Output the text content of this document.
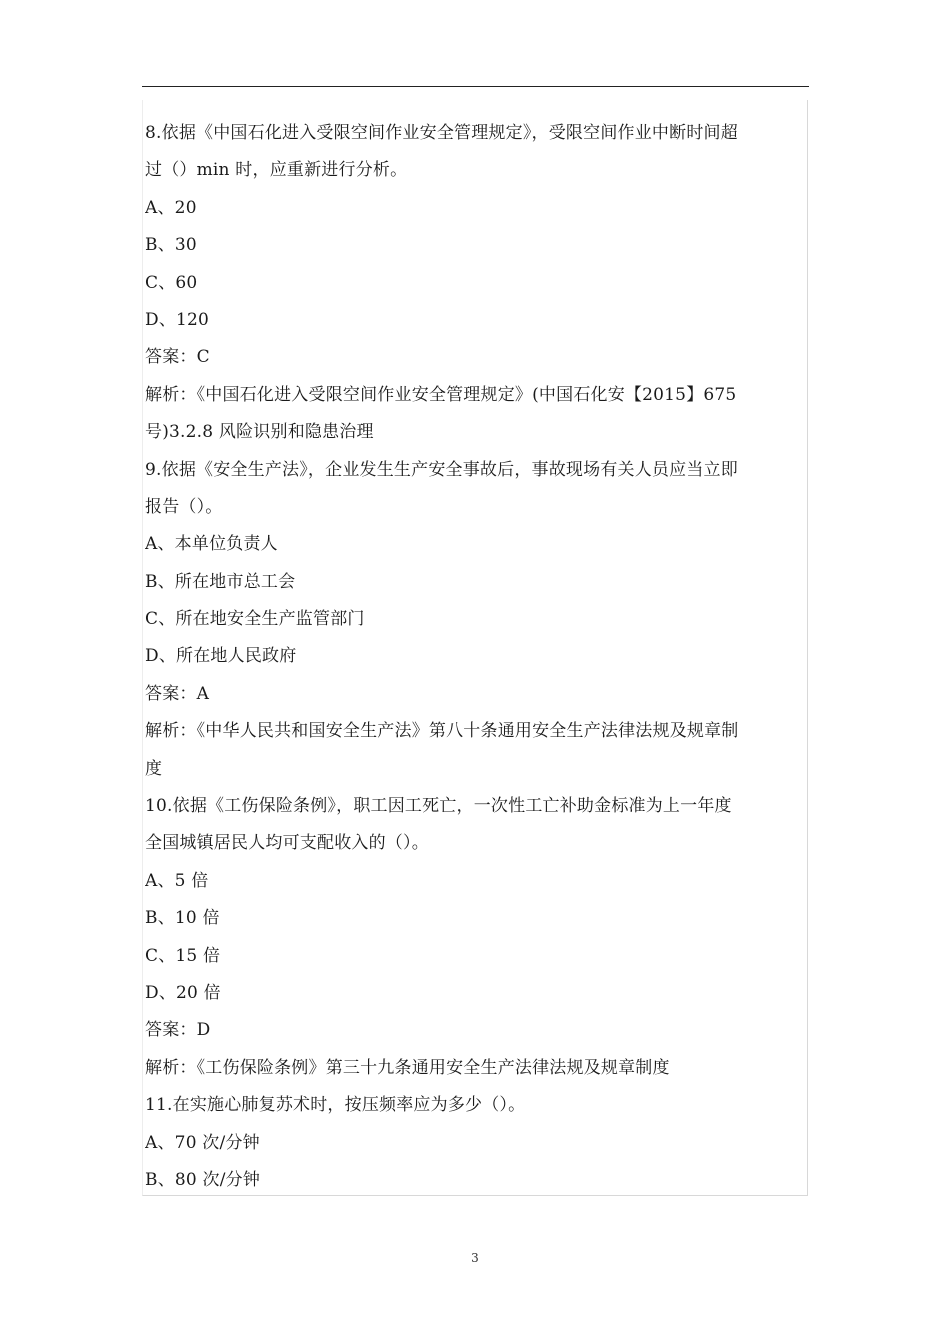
8.依据《中国石化进入受限空间作业安全管理规定》，受限空间作业中断时间超
过（）min 时，应重新进行分析。
A、20
B、30
C、60
D、120
答案：C
解析：《中国石化进入受限空间作业安全管理规定》(中国石化安【2015】675
号)3.2.8 风险识别和隐患治理
9.依据《安全生产法》，企业发生生产安全事故后，事故现场有关人员应当立即
报告（）。
A、本单位负责人
B、所在地市总工会
C、所在地安全生产监管部门
D、所在地人民政府
答案：A
解析：《中华人民共和国安全生产法》第八十条通用安全生产法律法规及规章制
度
10.依据《工伤保险条例》，职工因工死亡，一次性工亡补助金标准为上一年度
全国城镇居民人均可支配收入的（）。
A、5 倍
B、10 倍
C、15 倍
D、20 倍
答案：D
解析：《工伤保险条例》第三十九条通用安全生产法律法规及规章制度
11.在实施心肺复苏术时，按压频率应为多少（）。
A、70 次/分钟
B、80 次/分钟
3
